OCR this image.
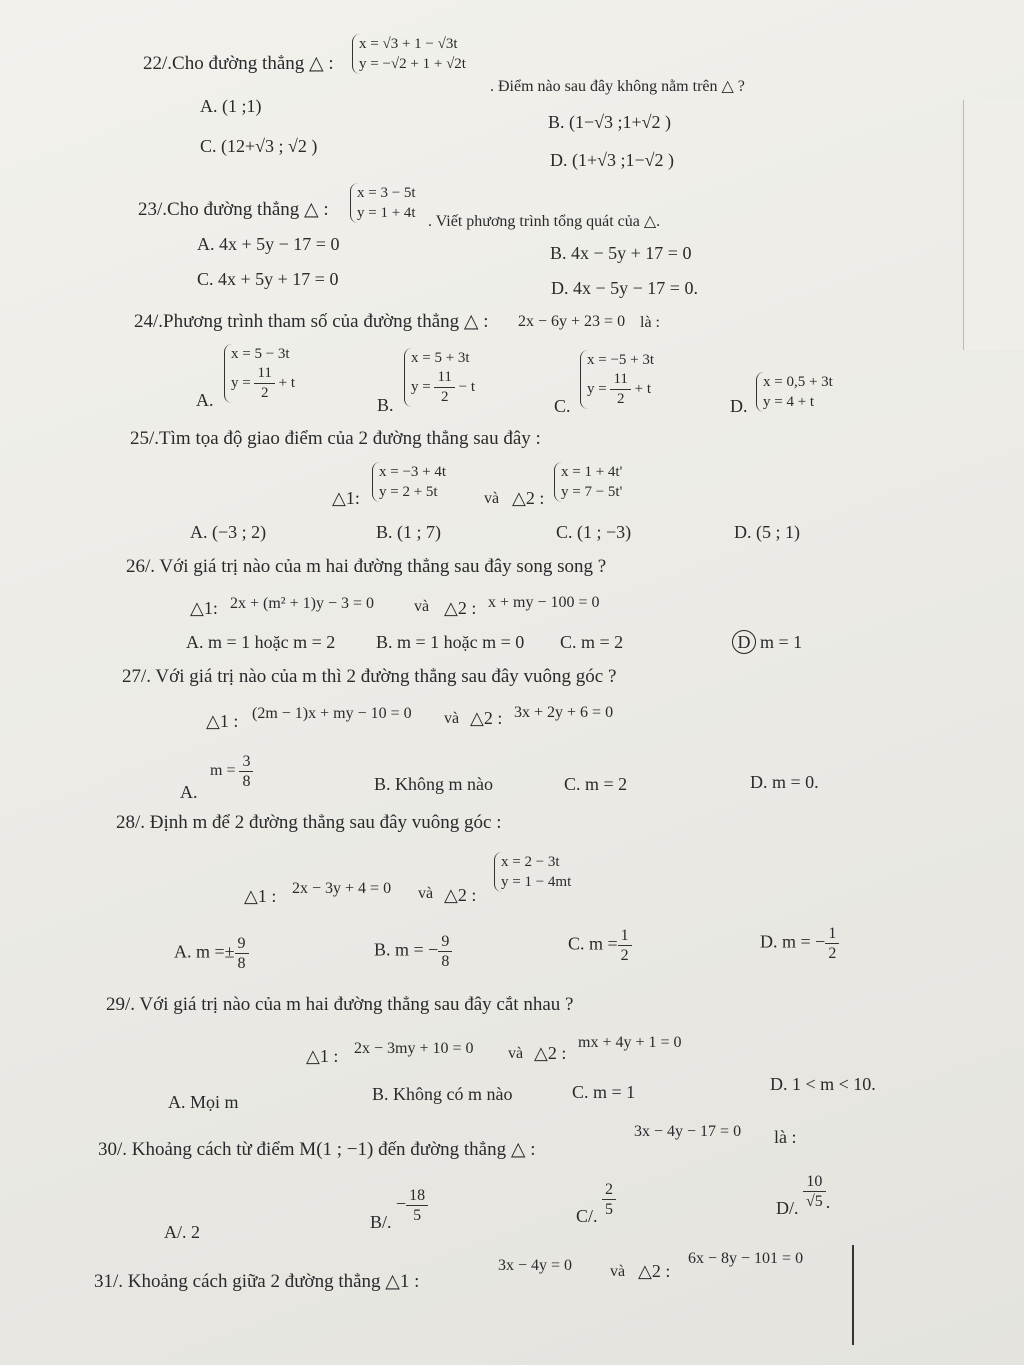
22/.Cho đường thẳng △ :
x = √3 + 1 − √3t
y = −√2 + 1 + √2t
. Điểm nào sau đây không nằm trên △ ?
A. (1 ;1)
B. (1−√3 ;1+√2 )
C. (12+√3 ; √2 )
D. (1+√3 ;1−√2 )
23/.Cho đường thẳng △ :
x = 3 − 5t
y = 1 + 4t . Viết phương trình tổng quát của △.
A. 4x + 5y − 17 = 0	B. 4x − 5y + 17 = 0
C. 4x + 5y + 17 = 0	D. 4x − 5y − 17 = 0.
24/.Phương trình tham số của đường thẳng △ : 2x − 6y + 23 = 0 là :
A.
x = 5 − 3t
$y = \frac{11}{2} + t$
B.
x = 5 + 3t
$y = \frac{11}{2} - t$
C.
x = −5 + 3t
$y = \frac{11}{2} + t$
D.
x = 0,5 + 3t
y = 4 + t
25/.Tìm tọa độ giao điểm của 2 đường thẳng sau đây :
△1:
x = −3 + 4t
y = 2 + 5t	và △2 :
x = 1 + 4t'
y = 7 − 5t'
A. (−3 ; 2)	B. (1 ; 7)	C. (1 ; −3)	D. (5 ; 1)
26/. Với giá trị nào của m hai đường thẳng sau đây song song ?
△1: 2x + (m² + 1)y − 3 = 0	và △2 : x + my − 100 = 0
A. m = 1 hoặc m = 2 B. m = 1 hoặc m = 0 C. m = 2	D m = 1
27/. Với giá trị nào của m thì 2 đường thẳng sau đây vuông góc ?
△1 : (2m − 1)x + my − 10 = 0 và △2 : 3x + 2y + 6 = 0
A.
$m = \frac{3}{8}$	B. Không m nào	C. m = 2	D. m = 0.
28/. Định m để 2 đường thẳng sau đây vuông góc :
△1 : 2x − 3y + 4 = 0 và △2 :
x = 2 − 3t
y = 1 − 4mt
A. $m =\pm \frac{9}{8}$	B. m = − $\frac{9}{8}$	C. $m = \frac{1}{2}$	D. m = − $\frac{1}{2}$
29/. Với giá trị nào của m hai đường thẳng sau đây cắt nhau ?
△1 : 2x − 3my + 10 = 0 và △2 :
mx + 4y + 1 = 0
A. Mọi m	B. Không có m nào	C. m = 1	D. 1 < m < 10.
30/. Khoảng cách từ điểm M(1 ; −1) đến đường thẳng △ :
3x − 4y − 17 = 0 là :
A/. 2
B/. − $\frac{18}{5}$	C/. $\frac{2}{5}$	D/. $\frac{10}{√5}$ .
31/. Khoảng cách giữa 2 đường thẳng △1 :
3x − 4y = 0 và △2 :
6x − 8y − 101 = 0
